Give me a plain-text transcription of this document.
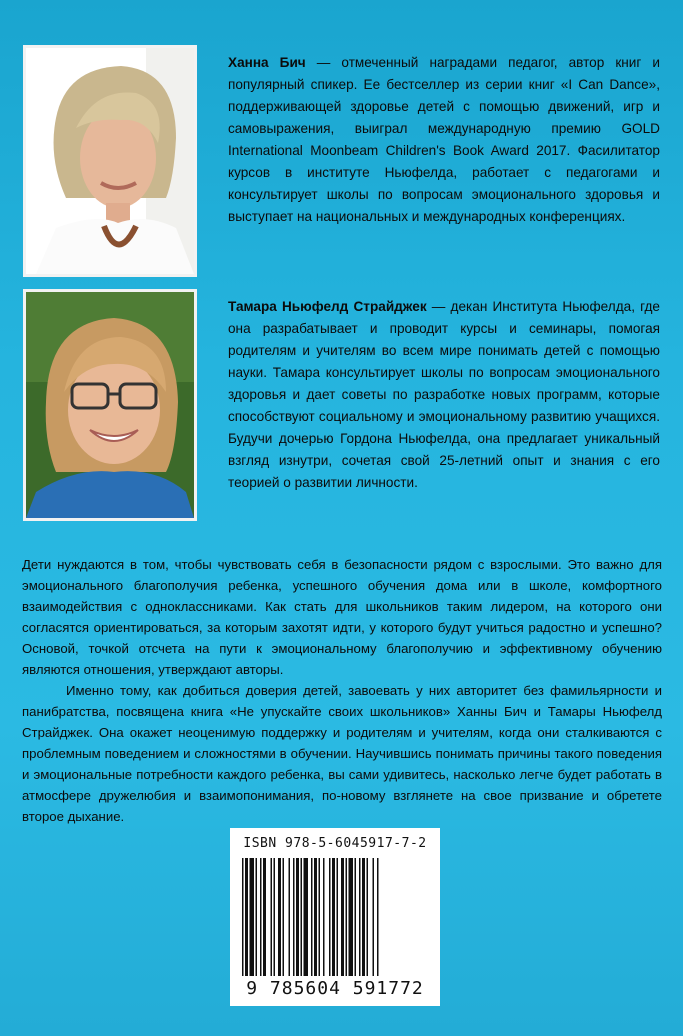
Ханна Бич — отмеченный наградами педагог, автор книг и популярный спикер. Ее бестселлер из серии книг «I Can Dance», поддерживающей здоровье детей с помощью движений, игр и самовыражения, выиграл международную премию GOLD International Moonbeam Children's Book Award 2017. Фасилитатор курсов в институте Ньюфелда, работает с педагогами и консультирует школы по вопросам эмоционального здоровья и выступает на национальных и международных конференциях.
Тамара Ньюфелд Страйджек — декан Института Ньюфелда, где она разрабатывает и проводит курсы и семинары, помогая родителям и учителям во всем мире понимать детей с помощью науки. Тамара консультирует школы по вопросам эмоционального здоровья и дает советы по разработке новых программ, которые способствуют социальному и эмоциональному развитию учащихся. Будучи дочерью Гордона Ньюфелда, она предлагает уникальный взгляд изнутри, сочетая свой 25-летний опыт и знания с его теорией о развитии личности.

Дети нуждаются в том, чтобы чувствовать себя в безопасности рядом с взрослыми. Это важно для эмоционального благополучия ребенка, успешного обучения дома или в школе, комфортного взаимодействия с одноклассниками. Как стать для школьников таким лидером, на которого они согласятся ориентироваться, за которым захотят идти, у которого будут учиться радостно и успешно? Основой, точкой отсчета на пути к эмоциональному благополучию и эффективному обучению являются отношения, утверждают авторы.

Именно тому, как добиться доверия детей, завоевать у них авторитет без фамильярности и панибратства, посвящена книга «Не упускайте своих школьников» Ханны Бич и Тамары Ньюфелд Страйджек. Она окажет неоценимую поддержку и родителям и учителям, когда они сталкиваются с проблемным поведением и сложностями в обучении. Научившись понимать причины такого поведения и эмоциональные потребности каждого ребенка, вы сами удивитесь, насколько легче будет работать в атмосфере дружелюбия и взаимопонимания, по-новому взглянете на свое призвание и обретете второе дыхание.

ISBN 978-5-6045917-7-2
9 785604 591772
